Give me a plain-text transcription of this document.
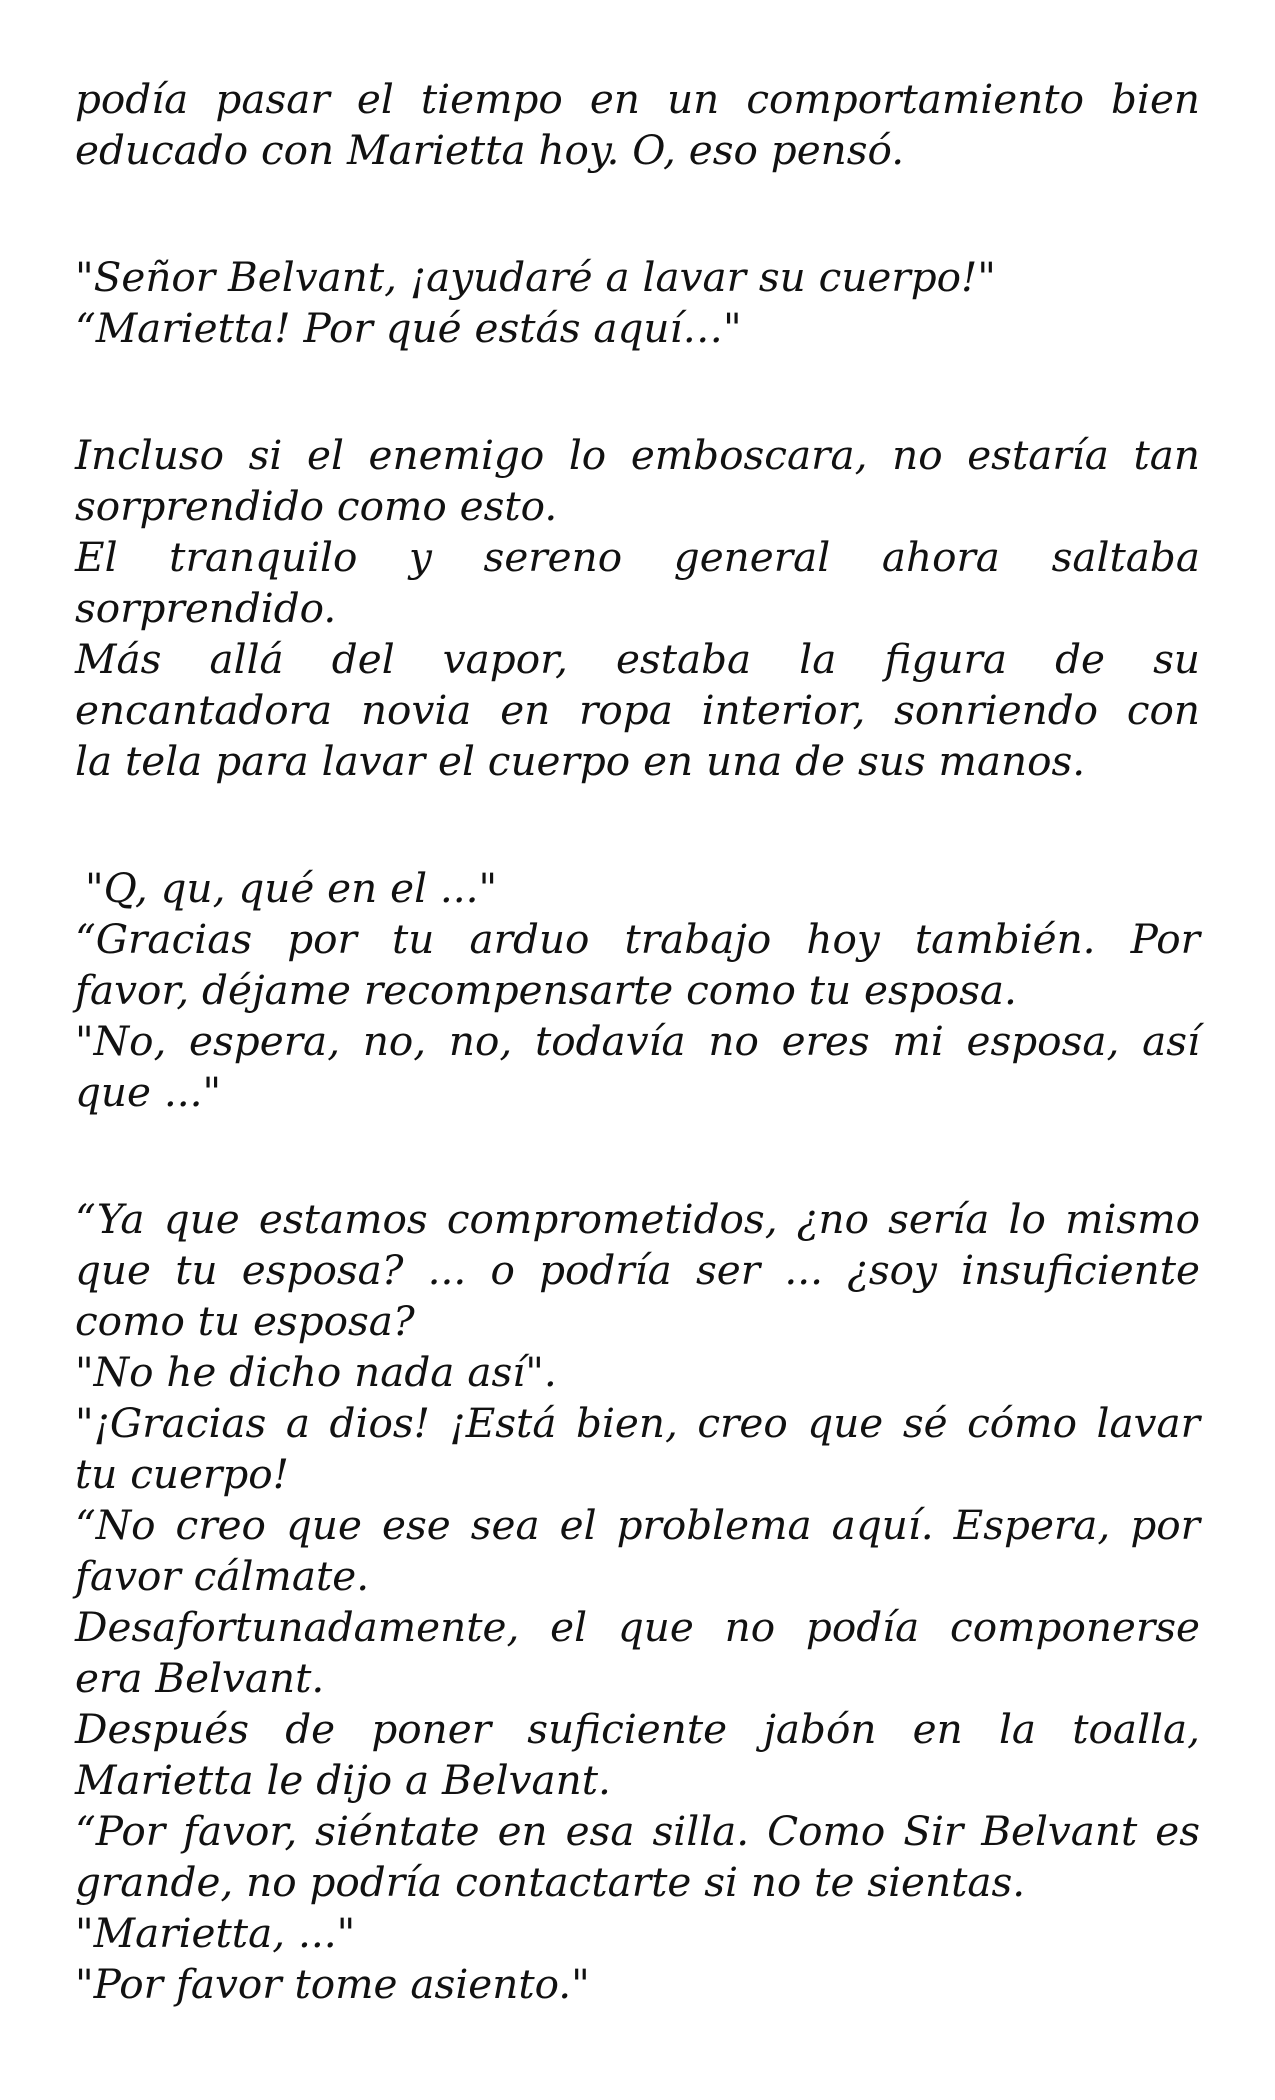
podía pasar el tiempo en un comportamiento bien
educado con Marietta hoy. O, eso pensó.

"Señor Belvant, ¡ayudaré a lavar su cuerpo!"
“Marietta! Por qué estás aquí…"

Incluso si el enemigo lo emboscara, no estaría tan
sorprendido como esto.
El tranquilo y sereno general ahora saltaba
sorprendido.
Más allá del vapor, estaba la figura de su
encantadora novia en ropa interior, sonriendo con
la tela para lavar el cuerpo en una de sus manos.

"Q, qu, qué en el ..."
“Gracias por tu arduo trabajo hoy también. Por
favor, déjame recompensarte como tu esposa.
"No, espera, no, no, todavía no eres mi esposa, así
que ..."

“Ya que estamos comprometidos, ¿no sería lo mismo
que tu esposa? ... o podría ser ... ¿soy insuficiente
como tu esposa?
"No he dicho nada así".
"¡Gracias a dios! ¡Está bien, creo que sé cómo lavar
tu cuerpo!
“No creo que ese sea el problema aquí. Espera, por
favor cálmate.
Desafortunadamente, el que no podía componerse
era Belvant.
Después de poner suficiente jabón en la toalla,
Marietta le dijo a Belvant.
“Por favor, siéntate en esa silla. Como Sir Belvant es
grande, no podría contactarte si no te sientas.
"Marietta, ..."
"Por favor tome asiento."
